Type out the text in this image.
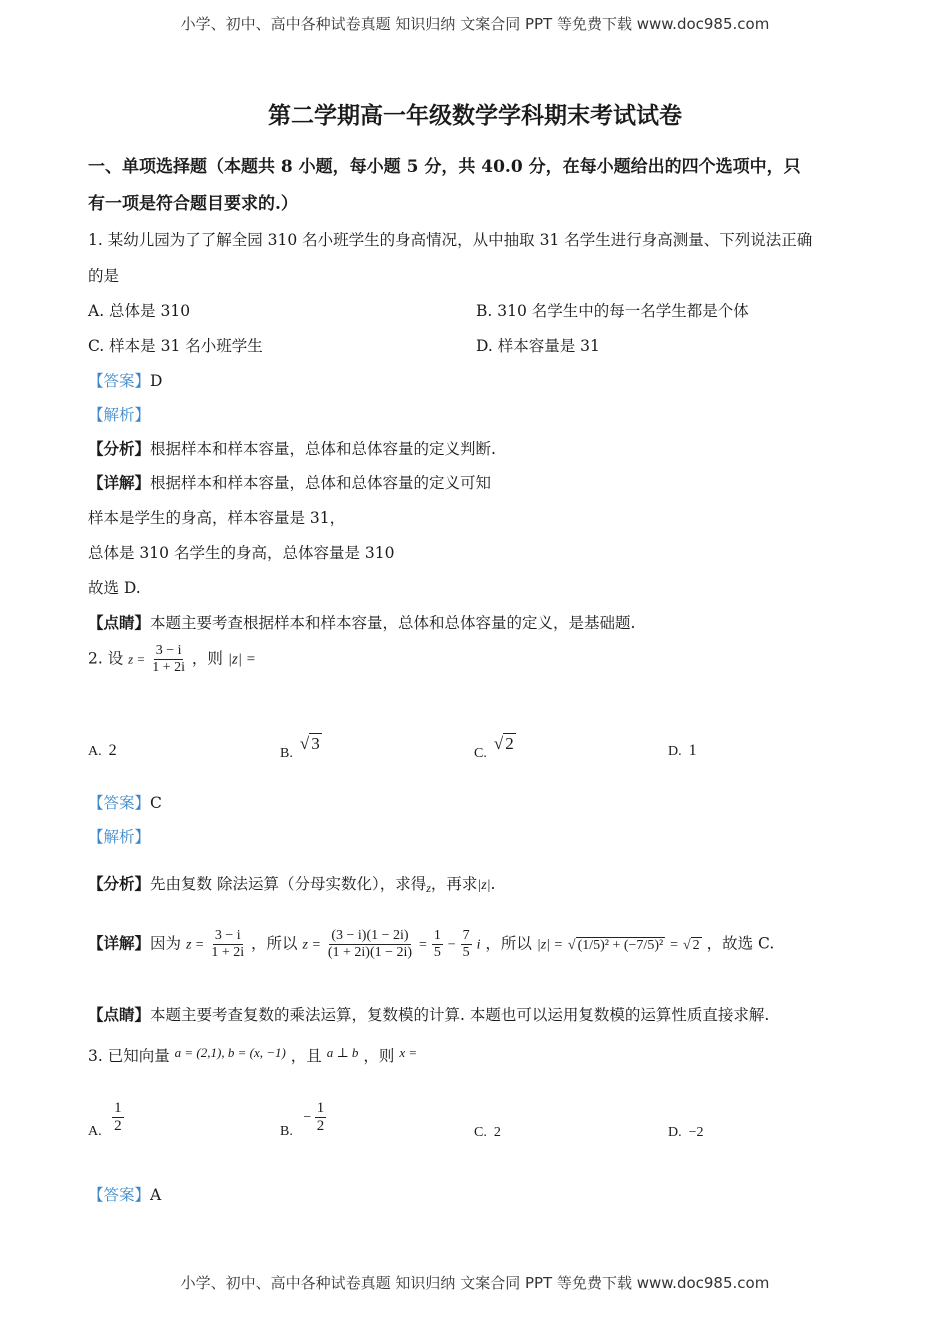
小学、初中、高中各种试卷真题 知识归纳 文案合同 PPT 等免费下载 www.doc985.com
第二学期高一年级数学学科期末考试试卷
一、单项选择题（本题共 8 小题，每小题 5 分，共 40.0 分，在每小题给出的四个选项中，只
有一项是符合题目要求的.）
1. 某幼儿园为了了解全园 310 名小班学生的身高情况，从中抽取 31 名学生进行身高测量、下列说法正确
的是
A. 总体是 310	B. 310 名学生中的每一名学生都是个体
C. 样本是 31 名小班学生	D. 样本容量是 31
【答案】D
【解析】
【分析】根据样本和样本容量，总体和总体容量的定义判断.
【详解】根据样本和样本容量，总体和总体容量的定义可知
样本是学生的身高，样本容量是 31，
总体是 310 名学生的身高，总体容量是 310
故选 D.
【点睛】本题主要考查根据样本和样本容量，总体和总体容量的定义，是基础题.
2. 设 $z = \frac{3 - i}{1 + 2i}$ ，则 |z| =
A. 2	B.  √ 3
C.  √ 2	D. 1
【答案】C
【解析】
【分析】先由复数 除法运算（分母实数化），求得z，再求|z|.
【详解】因为 $z = \frac{3 - i}{1 + 2i}$ ，所以 $z = \frac{(3 - i)(1 - 2i)}{(1 + 2i)(1 - 2i)} = \frac{1}{5} - \frac{7}{5}$ i ，所以 |z| = √ (1/5)² + (−7/5)² = √ 2 ，故选 C.
【点睛】本题主要考查复数的乘法运算，复数模的计算. 本题也可以运用复数模的运算性质直接求解.
3. 已知向量 $^{a = (2,1), b = (x, -1)}$ ，且 $^{a \perp b}$ ，则 $^{x =}$
A. $\frac{1}{2}$	B.   − $\frac{1}{2}$	C. 2	D. −2
【答案】A
小学、初中、高中各种试卷真题 知识归纳 文案合同 PPT 等免费下载 www.doc985.com
